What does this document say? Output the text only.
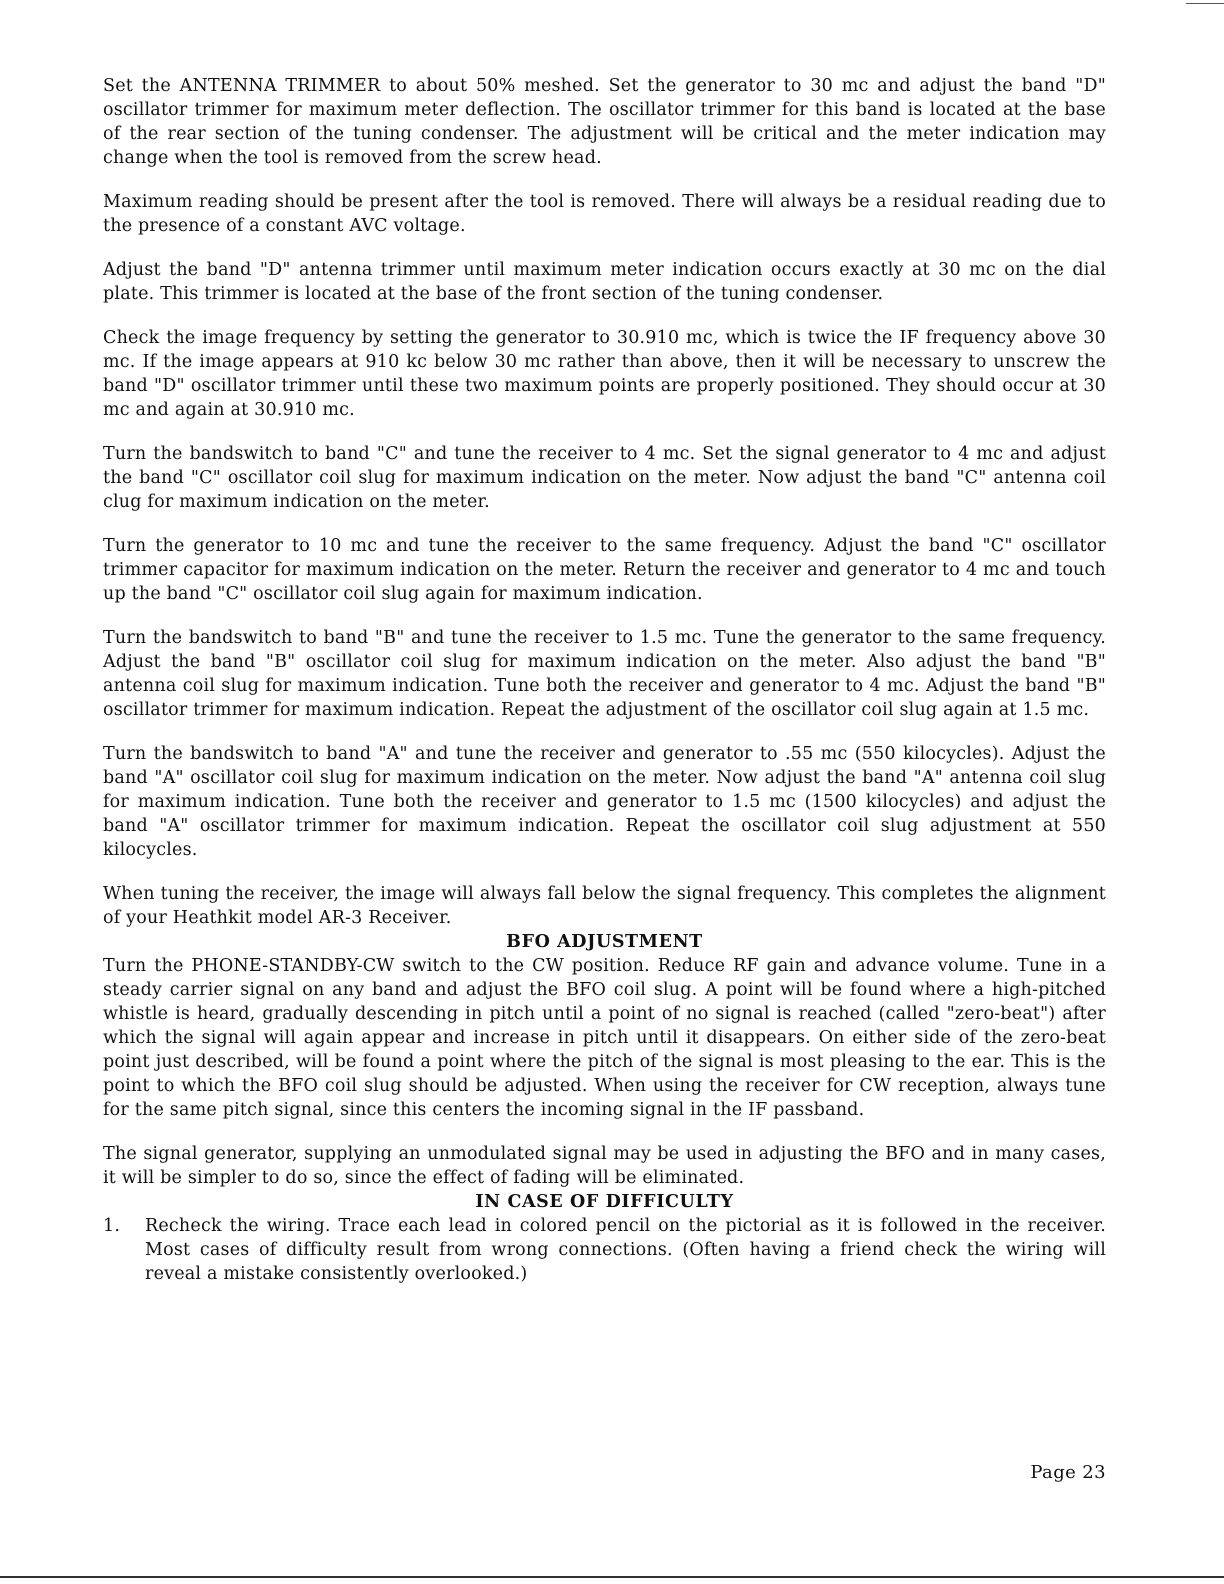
Set the ANTENNA TRIMMER to about 50% meshed. Set the generator to 30 mc and adjust the band "D" oscillator trimmer for maximum meter deflection. The oscillator trimmer for this band is located at the base of the rear section of the tuning condenser. The adjustment will be critical and the meter indication may change when the tool is removed from the screw head.

Maximum reading should be present after the tool is removed. There will always be a residual reading due to the presence of a constant AVC voltage.

Adjust the band "D" antenna trimmer until maximum meter indication occurs exactly at 30 mc on the dial plate. This trimmer is located at the base of the front section of the tuning condenser.

Check the image frequency by setting the generator to 30.910 mc, which is twice the IF frequency above 30 mc. If the image appears at 910 kc below 30 mc rather than above, then it will be necessary to unscrew the band "D" oscillator trimmer until these two maximum points are properly positioned. They should occur at 30 mc and again at 30.910 mc.

Turn the bandswitch to band "C" and tune the receiver to 4 mc. Set the signal generator to 4 mc and adjust the band "C" oscillator coil slug for maximum indication on the meter. Now adjust the band "C" antenna coil clug for maximum indication on the meter.

Turn the generator to 10 mc and tune the receiver to the same frequency. Adjust the band "C" oscillator trimmer capacitor for maximum indication on the meter. Return the receiver and generator to 4 mc and touch up the band "C" oscillator coil slug again for maximum indication.

Turn the bandswitch to band "B" and tune the receiver to 1.5 mc. Tune the generator to the same frequency. Adjust the band "B" oscillator coil slug for maximum indication on the meter. Also adjust the band "B" antenna coil slug for maximum indication. Tune both the receiver and generator to 4 mc. Adjust the band "B" oscillator trimmer for maximum indication. Repeat the adjustment of the oscillator coil slug again at 1.5 mc.

Turn the bandswitch to band "A" and tune the receiver and generator to .55 mc (550 kilocycles). Adjust the band "A" oscillator coil slug for maximum indication on the meter. Now adjust the band "A" antenna coil slug for maximum indication. Tune both the receiver and generator to 1.5 mc (1500 kilocycles) and adjust the band "A" oscillator trimmer for maximum indication. Repeat the oscillator coil slug adjustment at 550 kilocycles.

When tuning the receiver, the image will always fall below the signal frequency. This completes the alignment of your Heathkit model AR-3 Receiver.

BFO ADJUSTMENT

Turn the PHONE-STANDBY-CW switch to the CW position. Reduce RF gain and advance volume. Tune in a steady carrier signal on any band and adjust the BFO coil slug. A point will be found where a high-pitched whistle is heard, gradually descending in pitch until a point of no signal is reached (called "zero-beat") after which the signal will again appear and increase in pitch until it disappears. On either side of the zero-beat point just described, will be found a point where the pitch of the signal is most pleasing to the ear. This is the point to which the BFO coil slug should be adjusted. When using the receiver for CW reception, always tune for the same pitch signal, since this centers the incoming signal in the IF passband.

The signal generator, supplying an unmodulated signal may be used in adjusting the BFO and in many cases, it will be simpler to do so, since the effect of fading will be eliminated.

IN CASE OF DIFFICULTY
1.	Recheck the wiring. Trace each lead in colored pencil on the pictorial as it is followed in the receiver. Most cases of difficulty result from wrong connections. (Often having a friend check the wiring will reveal a mistake consistently overlooked.)
Page 23
